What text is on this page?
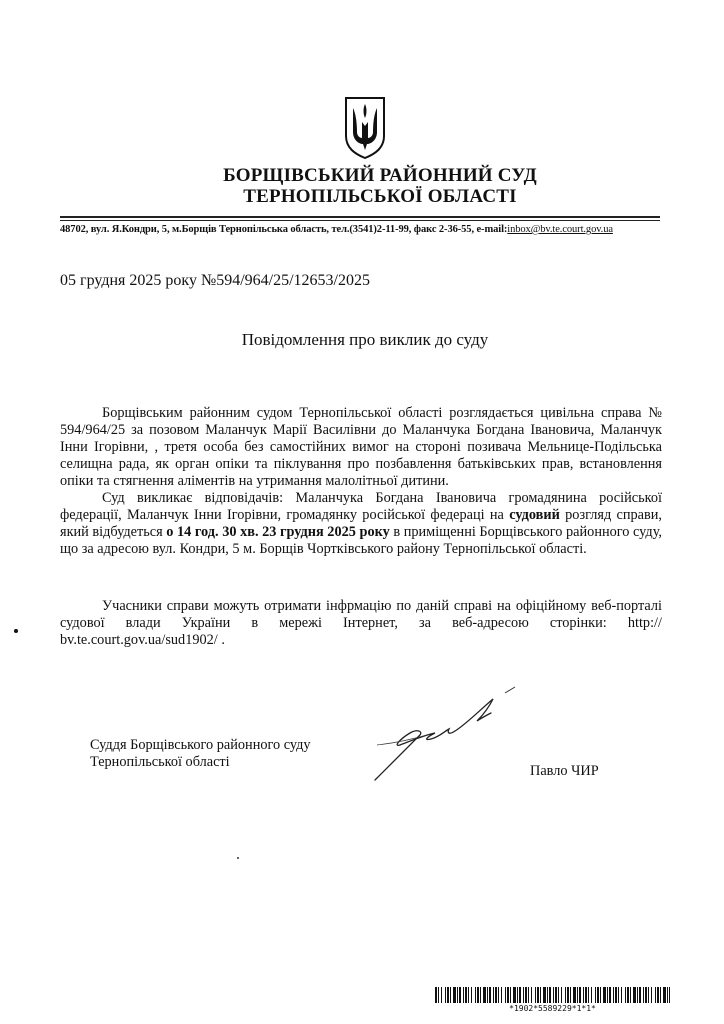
БОРЩІВСЬКИЙ РАЙОННИЙ СУД
ТЕРНОПІЛЬСЬКОЇ ОБЛАСТІ
48702, вул. Я.Кондри, 5, м.Борщів Тернопільська область, тел.(3541)2-11-99, факс 2-36-55, e-mail:inbox@bv.te.court.gov.ua
05 грудня 2025 року №594/964/25/12653/2025
Повідомлення про виклик до суду
Борщівським районним судом Тернопільської області розглядається цивільна справа № 594/964/25 за позовом Маланчук Марії Василівни до Маланчука Богдана Івановича, Маланчук Інни Ігорівни, , третя особа без самостійних вимог на стороні позивача Мельнице-Подільська селищна рада, як орган опіки та піклування про позбавлення батьківських прав, встановлення опіки та стягнення аліментів на утримання малолітньої дитини.
Суд викликає відповідачів: Маланчука Богдана Івановича громадянина російської федерації, Маланчук Інни Ігорівни, громадянку російської федераці на судовий розгляд справи, який відбудеться о 14 год. 30 хв. 23 грудня 2025 року в приміщенні Борщівського районного суду, що за адресою вул. Кондри, 5 м. Борщів Чортківського району Тернопільської області.
Учасники справи можуть отримати інфрмацію по даній справі на офіційному веб-порталі судової влади України в мережі Інтернет, за веб-адресою сторінки: http:// bv.te.court.gov.ua/sud1902/ .
Суддя Борщівського районного суду
Тернопільської області
Павло ЧИР
*1902*5589229*1*1*
